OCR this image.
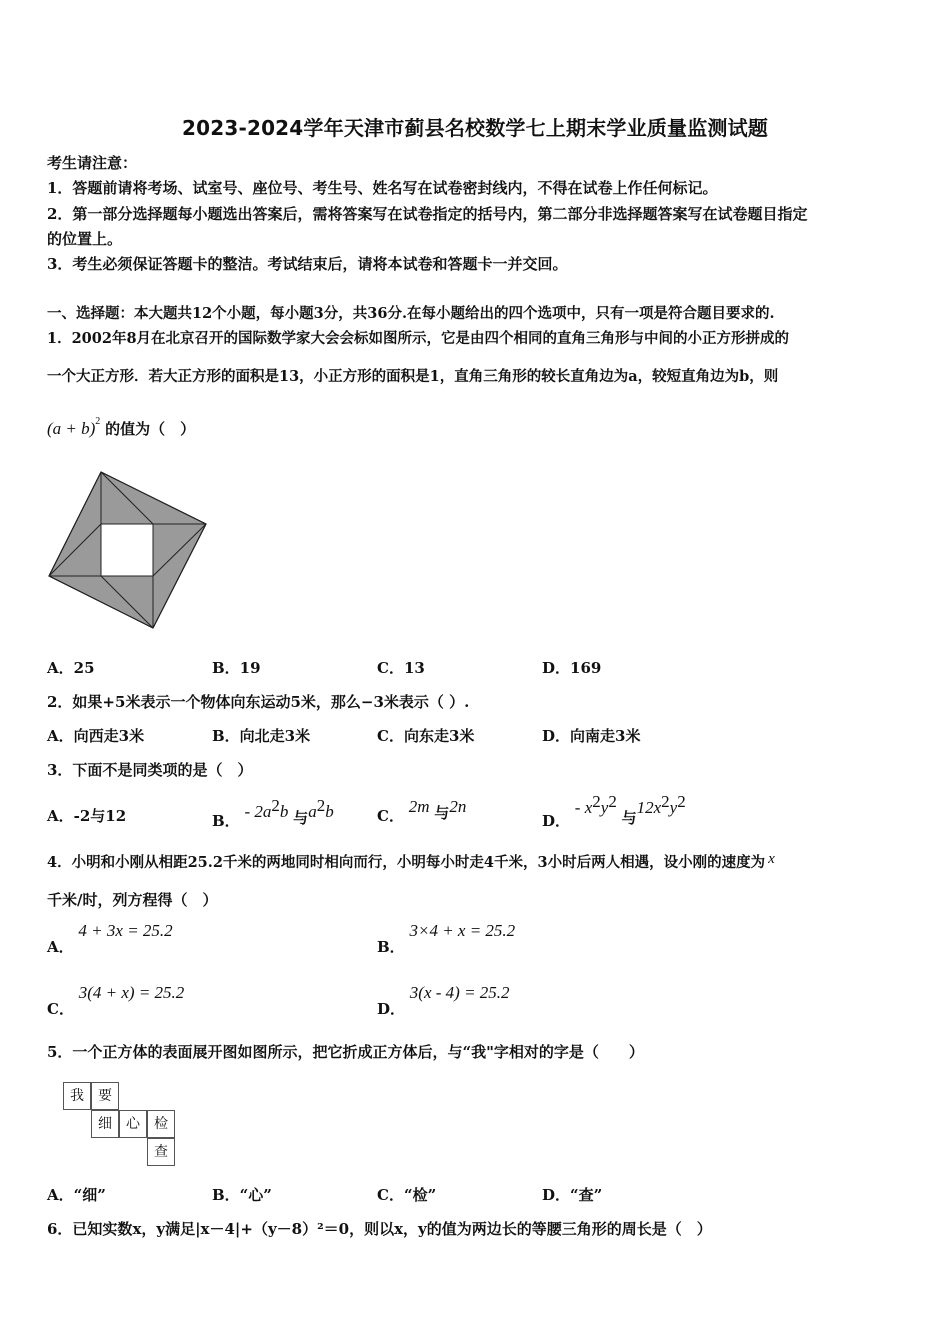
2023-2024学年天津市蓟县名校数学七上期末学业质量监测试题
考生请注意：
1．答题前请将考场、试室号、座位号、考生号、姓名写在试卷密封线内，不得在试卷上作任何标记。
2．第一部分选择题每小题选出答案后，需将答案写在试卷指定的括号内，第二部分非选择题答案写在试卷题目指定
的位置上。
3．考生必须保证答题卡的整洁。考试结束后，请将本试卷和答题卡一并交回。
一、选择题：本大题共12个小题，每小题3分，共36分.在每小题给出的四个选项中，只有一项是符合题目要求的.
1．2002年8月在北京召开的国际数学家大会会标如图所示，它是由四个相同的直角三角形与中间的小正方形拼成的
一个大正方形．若大正方形的面积是13，小正方形的面积是1，直角三角形的较长直角边为a，较短直角边为b，则
$(a + b)^2$ 的值为（　）
A．25	B．19	C．13	D．169
2．如果+5米表示一个物体向东运动5米，那么−3米表示（ ）.
A．向西走3米	B．向北走3米	C．向东走3米	D．向南走3米
3．下面不是同类项的是（　）
A．-2与12	B． - $2a^2b$ 与$a^2b$	C． 2m 与2n
D． - $x^2y^2$ 与$12x^2y^2$
4．小明和小刚从相距25.2千米的两地同时相向而行，小明每小时走4千米，3小时后两人相遇，设小刚的速度为 x
千米/时，列方程得（　）
A． 4 + 3x = 25.2
B． 3×4 + x = 25.2
C． 3(4 + x) = 25.2
D． 3(x - 4) = 25.2
5．一个正方体的表面展开图如图所示，把它折成正方体后，与“我"字相对的字是（　　）
我	要
细	心	检
查
A．“细”	B．“心”	C．“检”	D．“查”
6．已知实数x，y满足|x－4|+（y－8）²＝0，则以x，y的值为两边长的等腰三角形的周长是（　）
